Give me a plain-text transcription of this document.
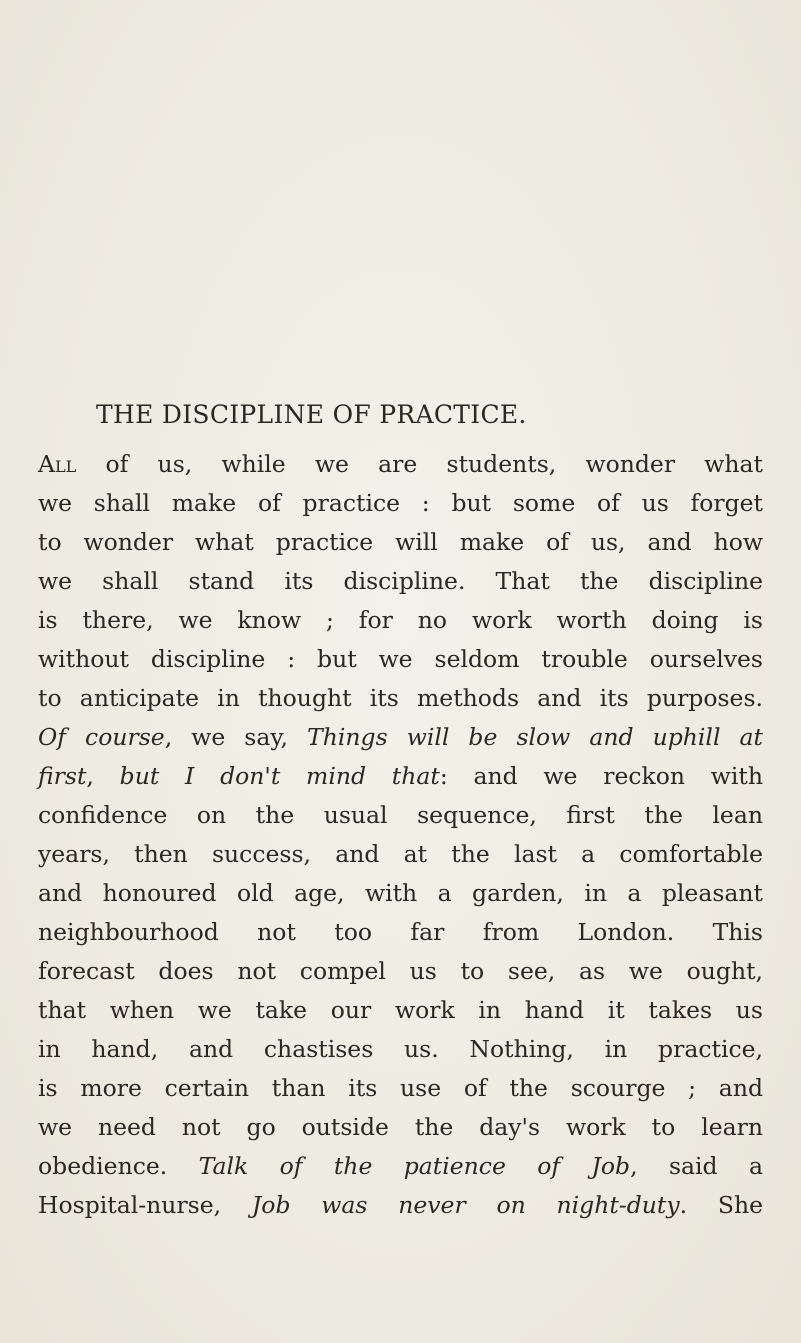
THE DISCIPLINE OF PRACTICE.
All of us, while we are students, wonder what
we shall make of practice : but some of us forget
to wonder what practice will make of us, and how
we shall stand its discipline. That the discipline
is there, we know ; for no work worth doing is
without discipline : but we seldom trouble ourselves
to anticipate in thought its methods and its purposes.
Of course, we say, Things will be slow and uphill at
first, but I don't mind that: and we reckon with
confidence on the usual sequence, first the lean
years, then success, and at the last a comfortable
and honoured old age, with a garden, in a pleasant
neighbourhood not too far from London. This
forecast does not compel us to see, as we ought,
that when we take our work in hand it takes us
in hand, and chastises us. Nothing, in practice,
is more certain than its use of the scourge ; and
we need not go outside the day's work to learn
obedience. Talk of the patience of Job, said a
Hospital-nurse, Job was never on night-duty. She
